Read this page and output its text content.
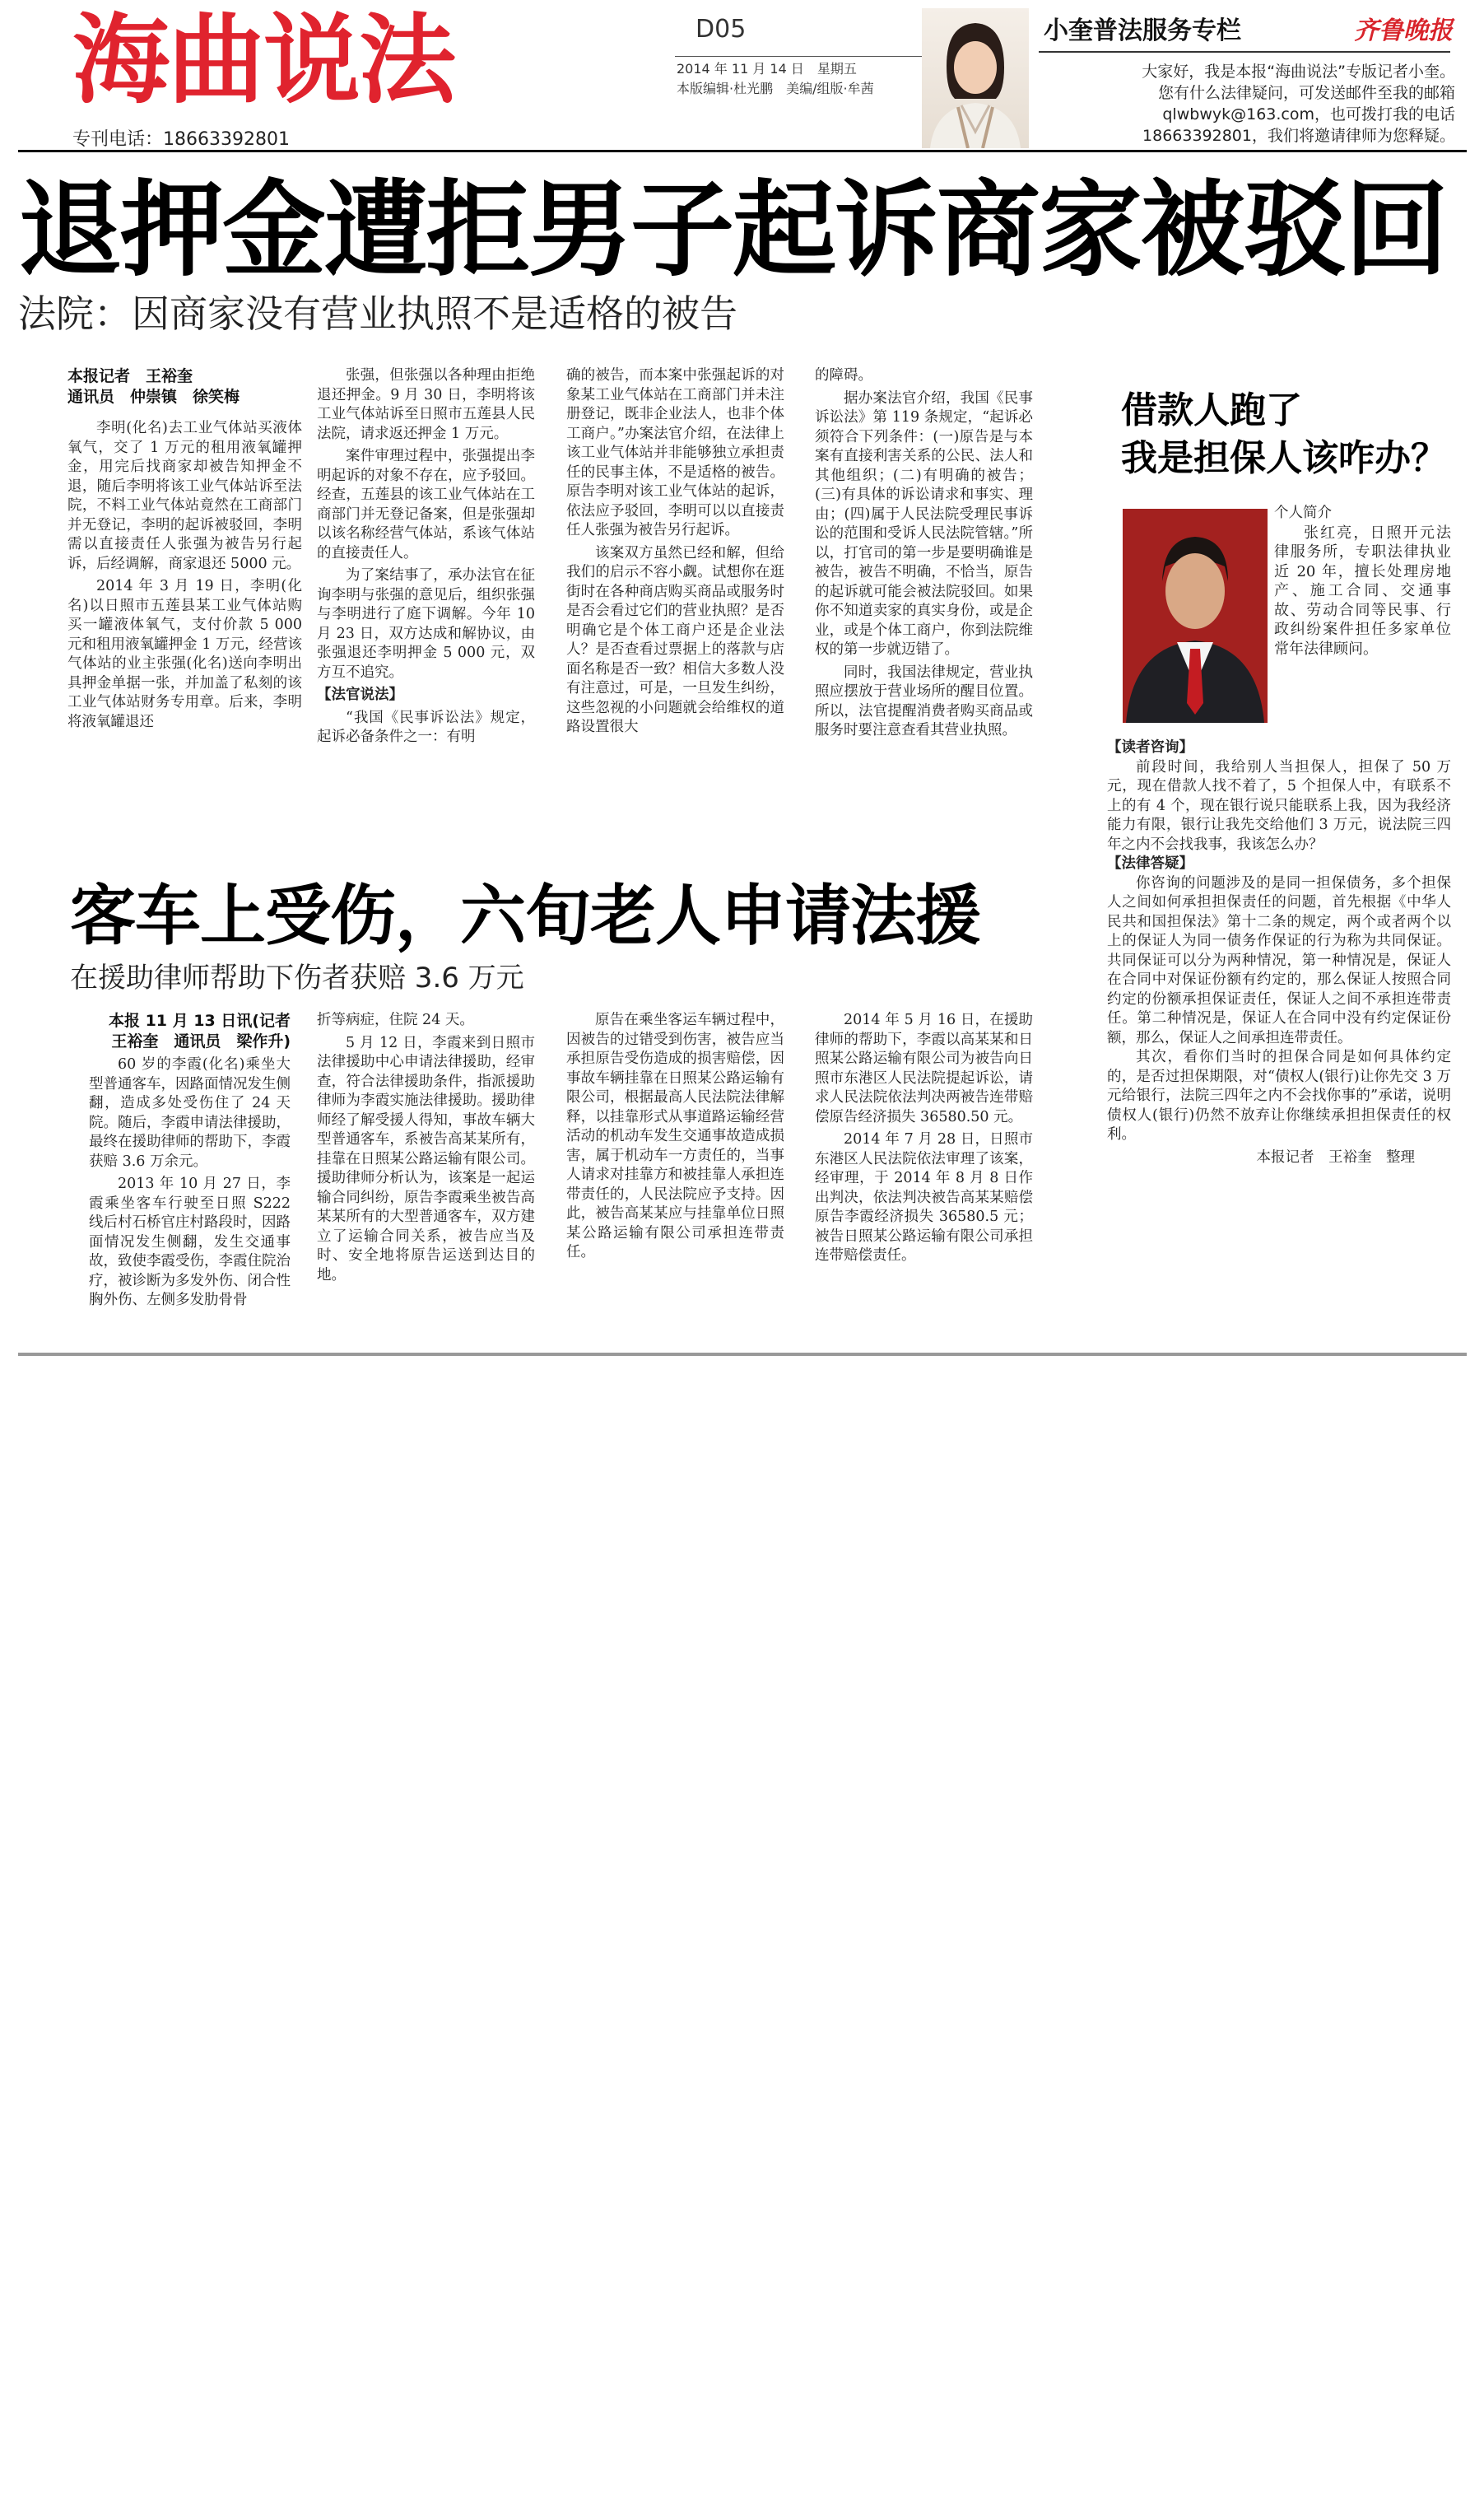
海曲说法
专刊电话：18663392801
D05
2014 年 11 月 14 日　星期五
本版编辑·杜光鹏　美编/组版·牟茜
小奎普法服务专栏	齐鲁晚报
大家好，我是本报“海曲说法”专版记者小奎。
您有什么法律疑问，可发送邮件至我的邮箱
qlwbwyk@163.com，也可拨打我的电话
18663392801，我们将邀请律师为您释疑。
退押金遭拒男子起诉商家被驳回
法院：因商家没有营业执照不是适格的被告
本报记者　王裕奎
通讯员　仲崇镇　徐笑梅

李明(化名)去工业气体站买液体氧气，交了 1 万元的租用液氧罐押金，用完后找商家却被告知押金不退，随后李明将该工业气体站诉至法院，不料工业气体站竟然在工商部门并无登记，李明的起诉被驳回，李明需以直接责任人张强为被告另行起诉，后经调解，商家退还 5000 元。

2014 年 3 月 19 日，李明(化名)以日照市五莲县某工业气体站购买一罐液体氧气，支付价款 5 000 元和租用液氧罐押金 1 万元，经营该气体站的业主张强(化名)送向李明出具押金单据一张，并加盖了私刻的该工业气体站财务专用章。后来，李明将液氧罐退还

张强，但张强以各种理由拒绝退还押金。9 月 30 日，李明将该工业气体站诉至日照市五莲县人民法院，请求返还押金 1 万元。

案件审理过程中，张强提出李明起诉的对象不存在，应予驳回。经查，五莲县的该工业气体站在工商部门并无登记备案，但是张强却以该名称经营气体站，系该气体站的直接责任人。

为了案结事了，承办法官在征询李明与张强的意见后，组织张强与李明进行了庭下调解。今年 10 月 23 日，双方达成和解协议，由张强退还李明押金 5 000 元，双方互不追究。

【法官说法】

“我国《民事诉讼法》规定，起诉必备条件之一：有明

确的被告，而本案中张强起诉的对象某工业气体站在工商部门并未注册登记，既非企业法人，也非个体工商户。”办案法官介绍，在法律上该工业气体站并非能够独立承担责任的民事主体，不是适格的被告。原告李明对该工业气体站的起诉，依法应予驳回，李明可以以直接责任人张强为被告另行起诉。

该案双方虽然已经和解，但给我们的启示不容小觑。试想你在逛街时在各种商店购买商品或服务时是否会看过它们的营业执照？是否明确它是个体工商户还是企业法人？是否查看过票据上的落款与店面名称是否一致？相信大多数人没有注意过，可是，一旦发生纠纷，这些忽视的小问题就会给维权的道路设置很大

的障碍。

据办案法官介绍，我国《民事诉讼法》第 119 条规定，“起诉必须符合下列条件：(一)原告是与本案有直接利害关系的公民、法人和其他组织；(二)有明确的被告；(三)有具体的诉讼请求和事实、理由；(四)属于人民法院受理民事诉讼的范围和受诉人民法院管辖。”所以，打官司的第一步是要明确谁是被告，被告不明确，不恰当，原告的起诉就可能会被法院驳回。如果你不知道卖家的真实身份，或是企业，或是个体工商户，你到法院维权的第一步就迈错了。

同时，我国法律规定，营业执照应摆放于营业场所的醒目位置。所以，法官提醒消费者购买商品或服务时要注意查看其营业执照。

客车上受伤，六旬老人申请法援
在援助律师帮助下伤者获赔 3.6 万元
本报 11 月 13 日讯(记者
王裕奎　通讯员　梁作升)

60 岁的李霞(化名)乘坐大型普通客车，因路面情况发生侧翻，造成多处受伤住了 24 天院。随后，李霞申请法律援助，最终在援助律师的帮助下，李霞获赔 3.6 万余元。

2013 年 10 月 27 日，李霞乘坐客车行驶至日照 S222 线后村石桥官庄村路段时，因路面情况发生侧翻，发生交通事故，致使李霞受伤，李霞住院治疗，被诊断为多发外伤、闭合性胸外伤、左侧多发肋骨骨

折等病症，住院 24 天。

5 月 12 日，李霞来到日照市法律援助中心申请法律援助，经审查，符合法律援助条件，指派援助律师为李霞实施法律援助。援助律师经了解受援人得知，事故车辆大型普通客车，系被告高某某所有，挂靠在日照某公路运输有限公司。援助律师分析认为，该案是一起运输合同纠纷，原告李霞乘坐被告高某某所有的大型普通客车，双方建立了运输合同关系，被告应当及时、安全地将原告运送到达目的地。

原告在乘坐客运车辆过程中，因被告的过错受到伤害，被告应当承担原告受伤造成的损害赔偿，因事故车辆挂靠在日照某公路运输有限公司，根据最高人民法院法律解释，以挂靠形式从事道路运输经营活动的机动车发生交通事故造成损害，属于机动车一方责任的，当事人请求对挂靠方和被挂靠人承担连带责任的，人民法院应予支持。因此，被告高某某应与挂靠单位日照某公路运输有限公司承担连带责任。

2014 年 5 月 16 日，在援助律师的帮助下，李霞以高某某和日照某公路运输有限公司为被告向日照市东港区人民法院提起诉讼，请求人民法院依法判决两被告连带赔偿原告经济损失 36580.50 元。

2014 年 7 月 28 日，日照市东港区人民法院依法审理了该案，经审理，于 2014 年 8 月 8 日作出判决，依法判决被告高某某赔偿原告李霞经济损失 36580.5 元；被告日照某公路运输有限公司承担连带赔偿责任。

借款人跑了
我是担保人该咋办？
个人简介

张红亮，日照开元法律服务所，专职法律执业近 20 年，擅长处理房地产、施工合同、交通事故、劳动合同等民事、行政纠纷案件担任多家单位常年法律顾问。

【读者咨询】

前段时间，我给别人当担保人，担保了 50 万元，现在借款人找不着了，5 个担保人中，有联系不上的有 4 个，现在银行说只能联系上我，因为我经济能力有限，银行让我先交给他们 3 万元，说法院三四年之内不会找我事，我该怎么办？

【法律答疑】

你咨询的问题涉及的是同一担保债务，多个担保人之间如何承担担保责任的问题，首先根据《中华人民共和国担保法》第十二条的规定，两个或者两个以上的保证人为同一债务作保证的行为称为共同保证。共同保证可以分为两种情况，第一种情况是，保证人在合同中对保证份额有约定的，那么保证人按照合同约定的份额承担保证责任，保证人之间不承担连带责任。第二种情况是，保证人在合同中没有约定保证份额，那么，保证人之间承担连带责任。

其次，看你们当时的担保合同是如何具体约定的，是否过担保期限，对“债权人(银行)让你先交 3 万元给银行，法院三四年之内不会找你事的”承诺，说明债权人(银行)仍然不放弃让你继续承担担保责任的权利。

本报记者　王裕奎　整理
